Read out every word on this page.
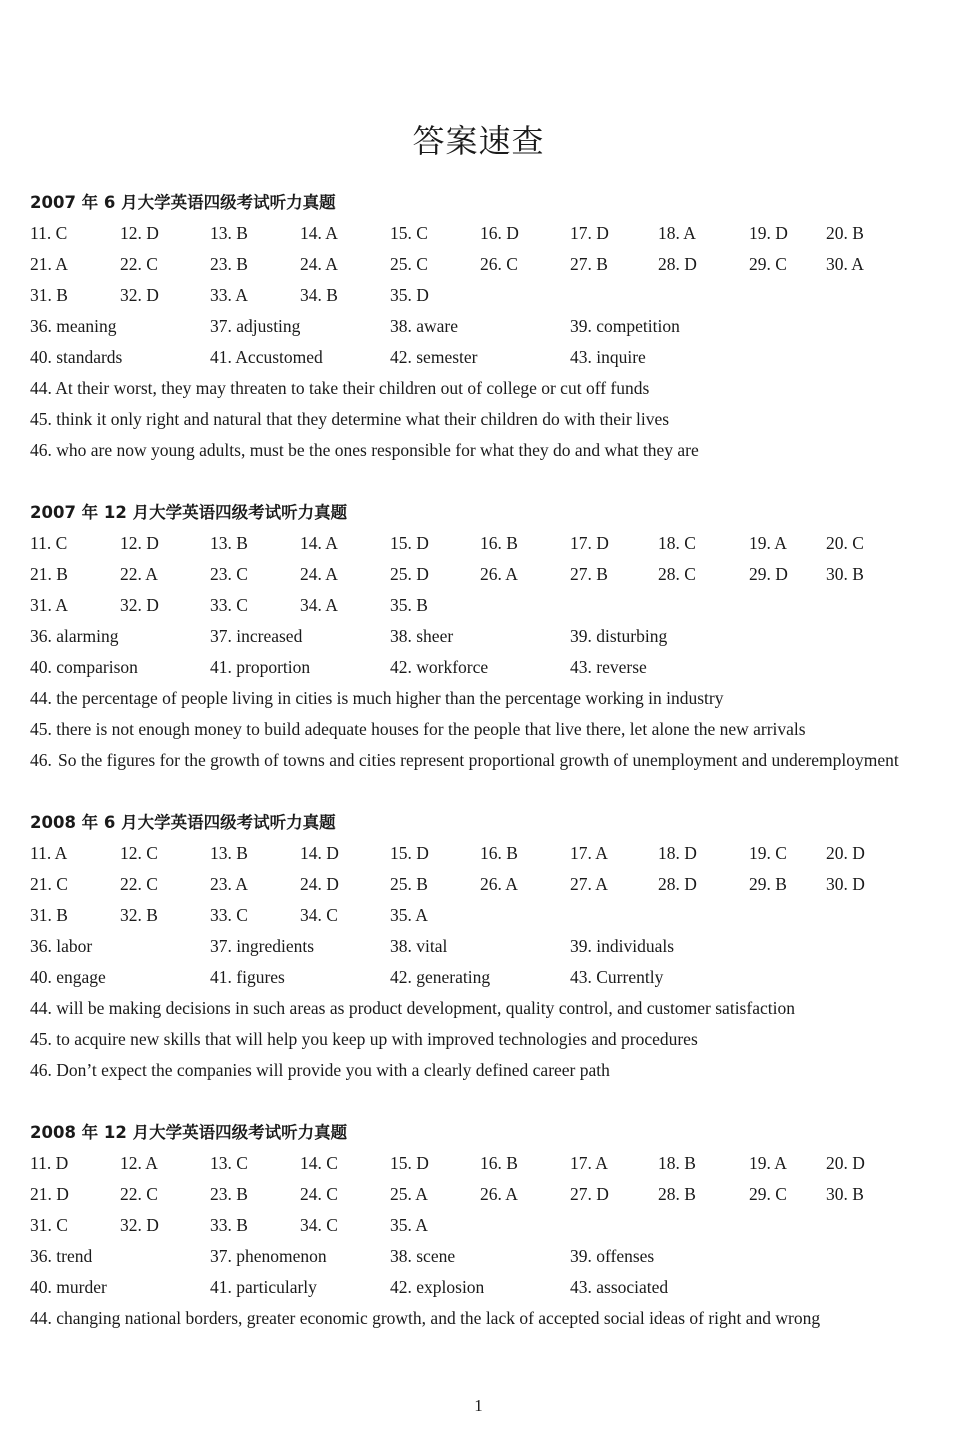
答案速查
2007 年 6 月大学英语四级考试听力真题
11. C	12. D	13. B	14. A	15. C	16. D	17. D	18. A	19. D 20. B
21. A	22. C	23. B	24. A	25. C	26. C	27. B	28. D	29. C 30. A
31. B	32. D	33. A	34. B	35. D
36. meaning	37. adjusting	38. aware	39. competition
40. standards	41. Accustomed	42. semester	43. inquire
44. At their worst, they may threaten to take their children out of college or cut off funds
45. think it only right and natural that they determine what their children do with their lives
46. who are now young adults, must be the ones responsible for what they do and what they are
2007 年 12 月大学英语四级考试听力真题
11. C	12. D	13. B	14. A	15. D	16. B	17. D	18. C	19. A 20. C
21. B	22. A	23. C	24. A	25. D	26. A	27. B	28. C	29. D 30. B
31. A	32. D	33. C	34. A	35. B
36. alarming	37. increased	38. sheer	39. disturbing
40. comparison	41. proportion	42. workforce	43. reverse
44. the percentage of people living in cities is much higher than the percentage working in industry
45. there is not enough money to build adequate houses for the people that live there, let alone the new arrivals
46. So the figures for the growth of towns and cities represent proportional growth of unemployment and underemployment
2008 年 6 月大学英语四级考试听力真题
11. A	12. C	13. B	14. D	15. D	16. B	17. A	18. D	19. C 20. D
21. C	22. C	23. A	24. D	25. B	26. A	27. A	28. D	29. B 30. D
31. B	32. B	33. C	34. C	35. A
36. labor	37. ingredients	38. vital	39. individuals
40. engage	41. figures	42. generating	43. Currently
44. will be making decisions in such areas as product development, quality control, and customer satisfaction
45. to acquire new skills that will help you keep up with improved technologies and procedures
46. Don’t expect the companies will provide you with a clearly defined career path
2008 年 12 月大学英语四级考试听力真题
11. D	12. A	13. C	14. C	15. D	16. B	17. A	18. B	19. A 20. D
21. D	22. C	23. B	24. C	25. A	26. A	27. D	28. B	29. C 30. B
31. C	32. D	33. B	34. C	35. A
36. trend	37. phenomenon	38. scene	39. offenses
40. murder	41. particularly	42. explosion	43. associated
44. changing national borders, greater economic growth, and the lack of accepted social ideas of right and wrong
1
